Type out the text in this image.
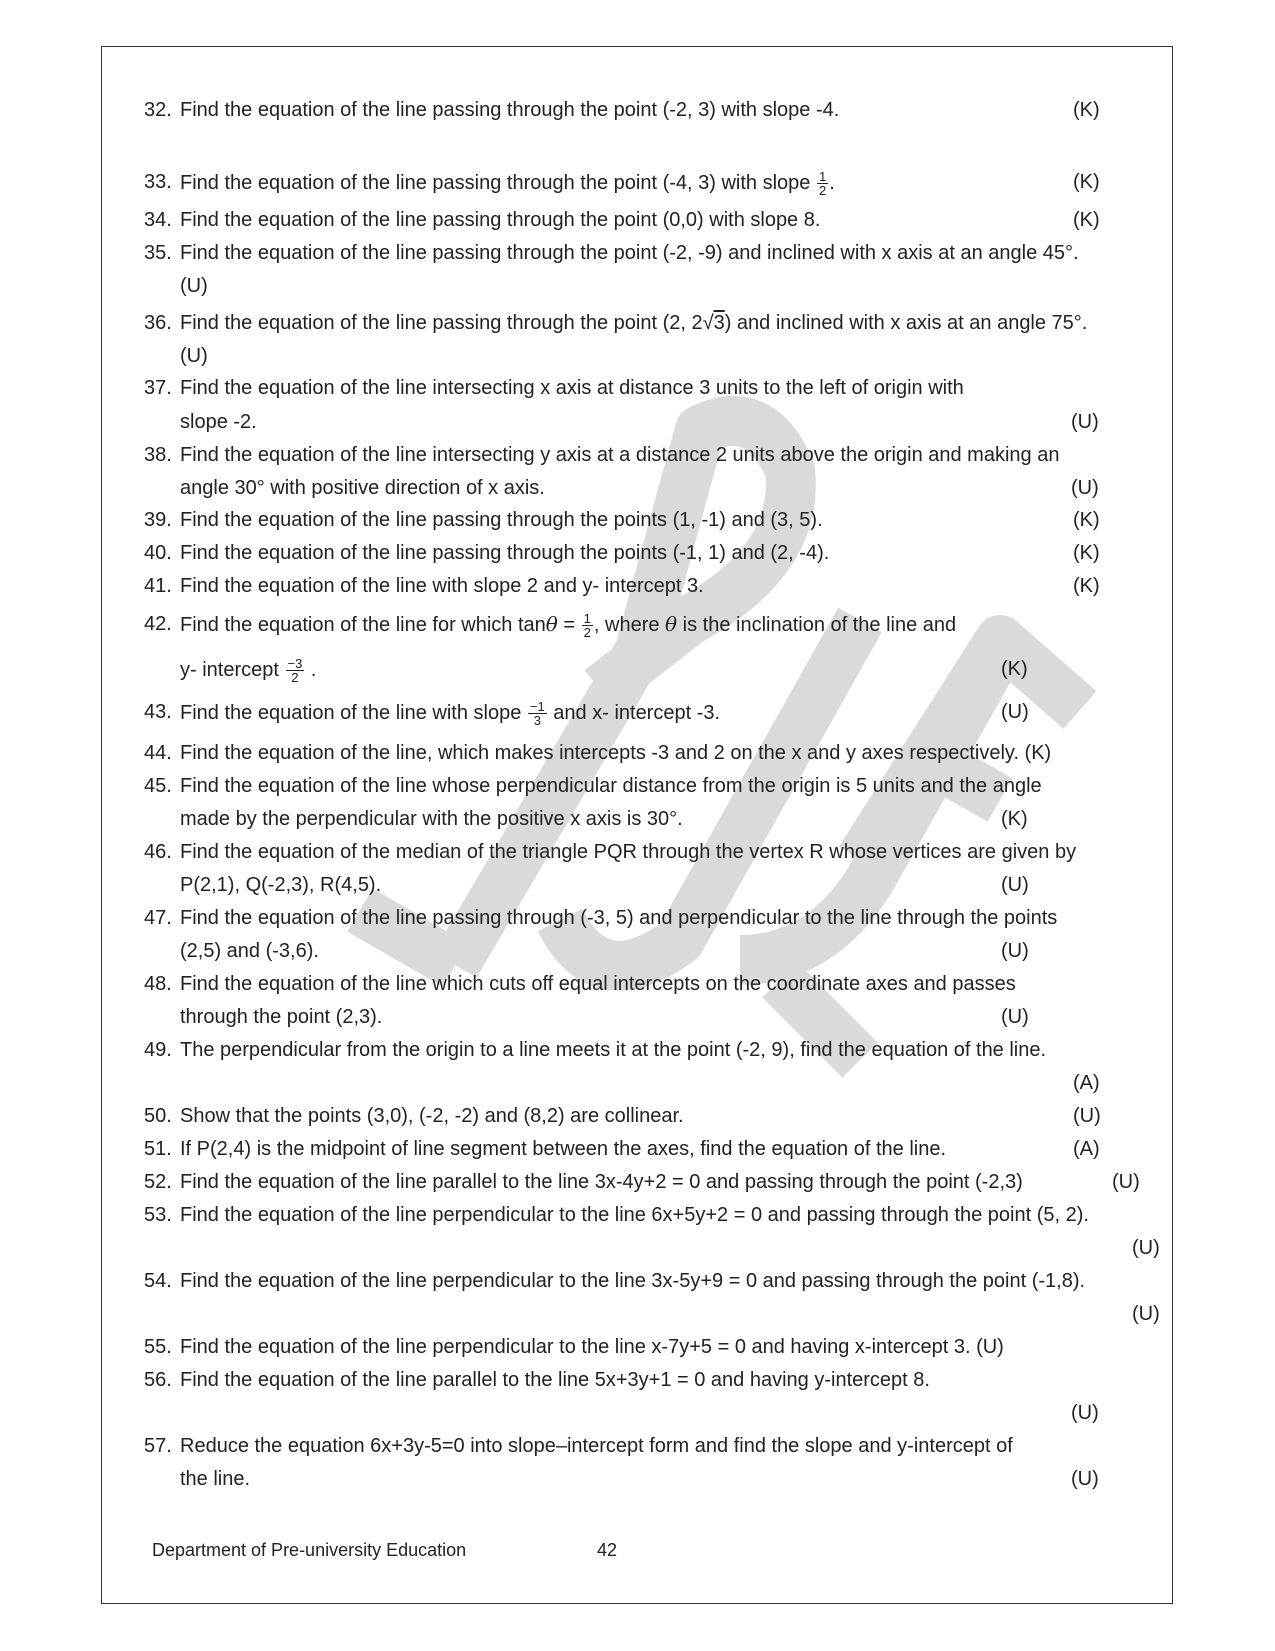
32. Find the equation of the line passing through the point (-2, 3) with slope -4.	(K)
33. Find the equation of the line passing through the point (-4, 3) with slope $\frac{1}{2}$ .	(K)
34. Find the equation of the line passing through the point (0,0) with slope 8.	(K)
35. Find the equation of the line passing through the point (-2, -9) and inclined with x axis at an angle 45°.
(U)
36. Find the equation of the line passing through the point (2, 2√3) and inclined with x axis at an angle 75°.
(U)
37. Find the equation of the line intersecting x axis at distance 3 units to the left of origin with
slope -2.	(U)
38. Find the equation of the line intersecting y axis at a distance 2 units above the origin and making an
angle 30° with positive direction of x axis.	(U)
39. Find the equation of the line passing through the points (1, -1) and (3, 5).	(K)
40. Find the equation of the line passing through the points (-1, 1) and (2, -4).	(K)
41. Find the equation of the line with slope 2 and y- intercept 3.	(K)
42. Find the equation of the line for which $\tan\theta = \frac{1}{2}$ , where θ is the inclination of the line and
y- intercept $\frac{-3}{2}$ .	(K)
43. Find the equation of the line with slope $\frac{-1}{3}$ and x- intercept -3.	(U)
44. Find the equation of the line, which makes intercepts -3 and 2 on the x and y axes respectively. (K)
45. Find the equation of the line whose perpendicular distance from the origin is 5 units and the angle
made by the perpendicular with the positive x axis is 30°.	(K)
46. Find the equation of the median of the triangle PQR through the vertex R whose vertices are given by
P(2,1), Q(-2,3), R(4,5).	(U)
47. Find the equation of the line passing through (-3, 5) and perpendicular to the line through the points
(2,5) and (-3,6).	(U)
48. Find the equation of the line which cuts off equal intercepts on the coordinate axes and passes
through the point (2,3).	(U)
49. The perpendicular from the origin to a line meets it at the point (-2, 9), find the equation of the line.
(A)
50. Show that the points (3,0), (-2, -2) and (8,2) are collinear.	(U)
51. If P(2,4) is the midpoint of line segment between the axes, find the equation of the line.	(A)
52. Find the equation of the line parallel to the line 3x-4y+2 = 0 and passing through the point (-2,3)	(U)
53. Find the equation of the line perpendicular to the line 6x+5y+2 = 0 and passing through the point (5, 2).
(U)
54. Find the equation of the line perpendicular to the line 3x-5y+9 = 0 and passing through the point (-1,8).
(U)
55. Find the equation of the line perpendicular to the line x-7y+5 = 0 and having x-intercept 3. (U)
56. Find the equation of the line parallel to the line 5x+3y+1 = 0 and having y-intercept 8.
(U)
57. Reduce the equation 6x+3y-5=0 into slope–intercept form and find the slope and y-intercept of
the line.	(U)
Department of Pre-university Education	42
